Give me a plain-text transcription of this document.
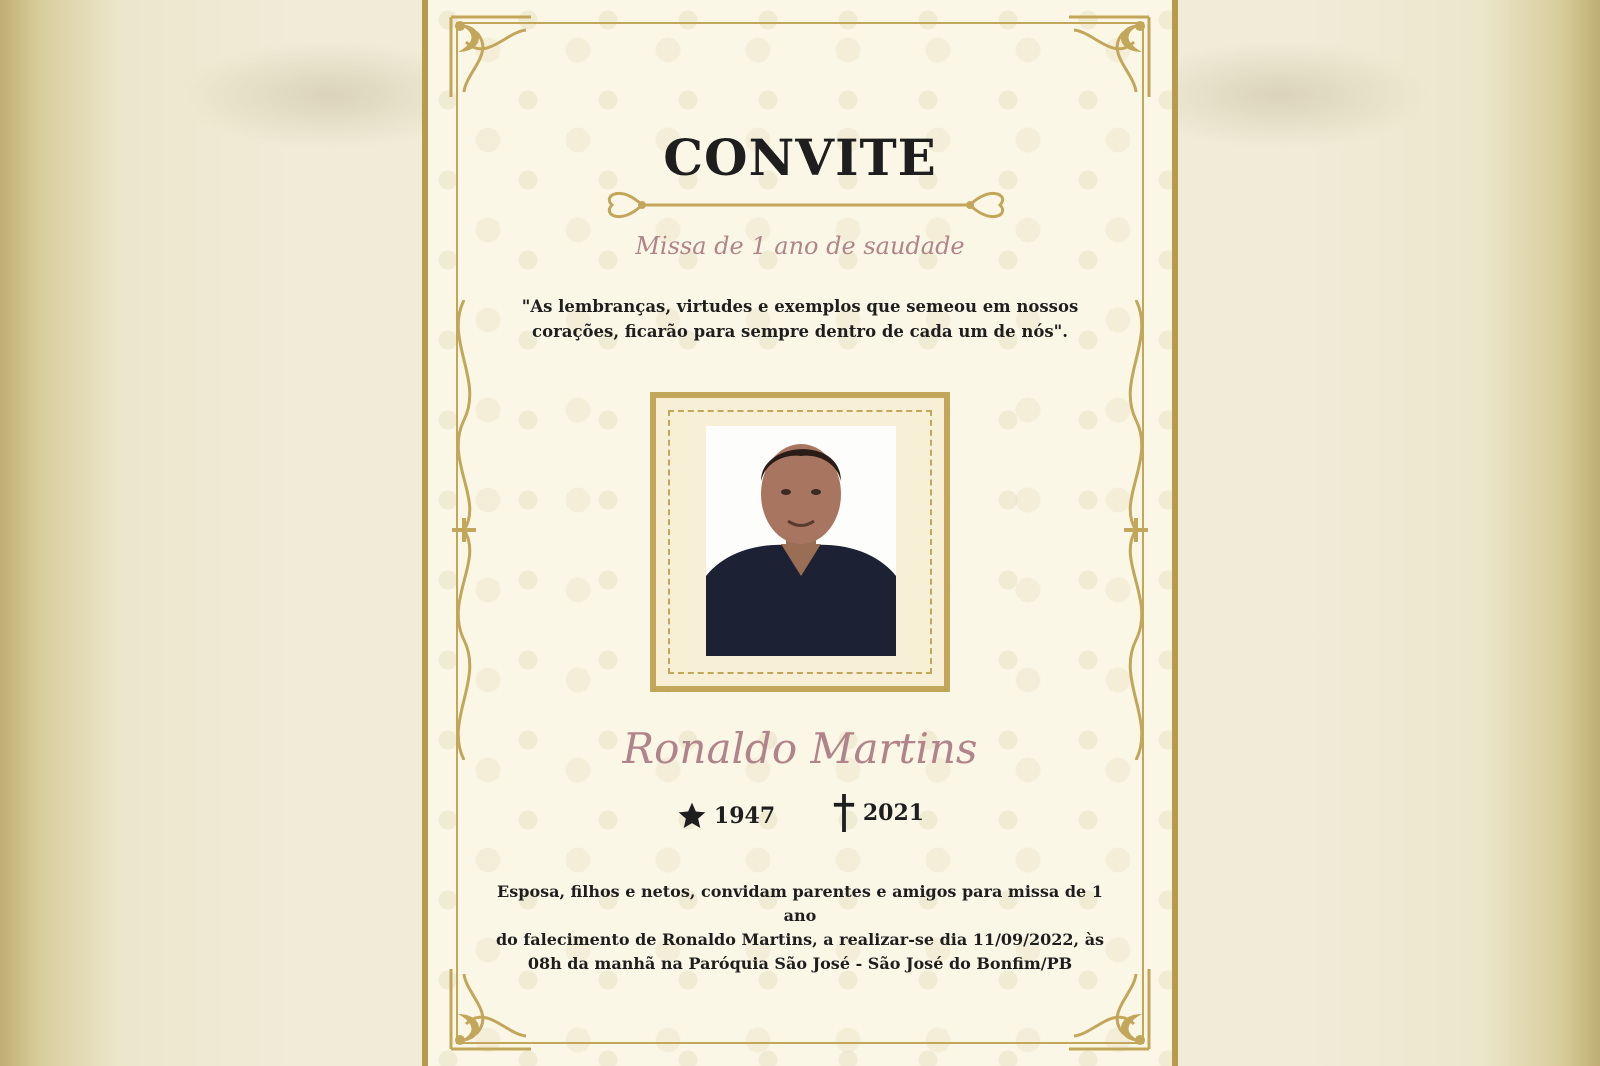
CONVITE
Missa de 1 ano de saudade
"As lembranças, virtudes e exemplos que semeou em nossos
corações, ficarão para sempre dentro de cada um de nós".
Ronaldo Martins
1947
	2021
Esposa, filhos e netos, convidam parentes e amigos para missa de 1 ano
do falecimento de Ronaldo Martins, a realizar-se dia 11/09/2022, às
08h da manhã na Paróquia São José - São José do Bonfim/PB
